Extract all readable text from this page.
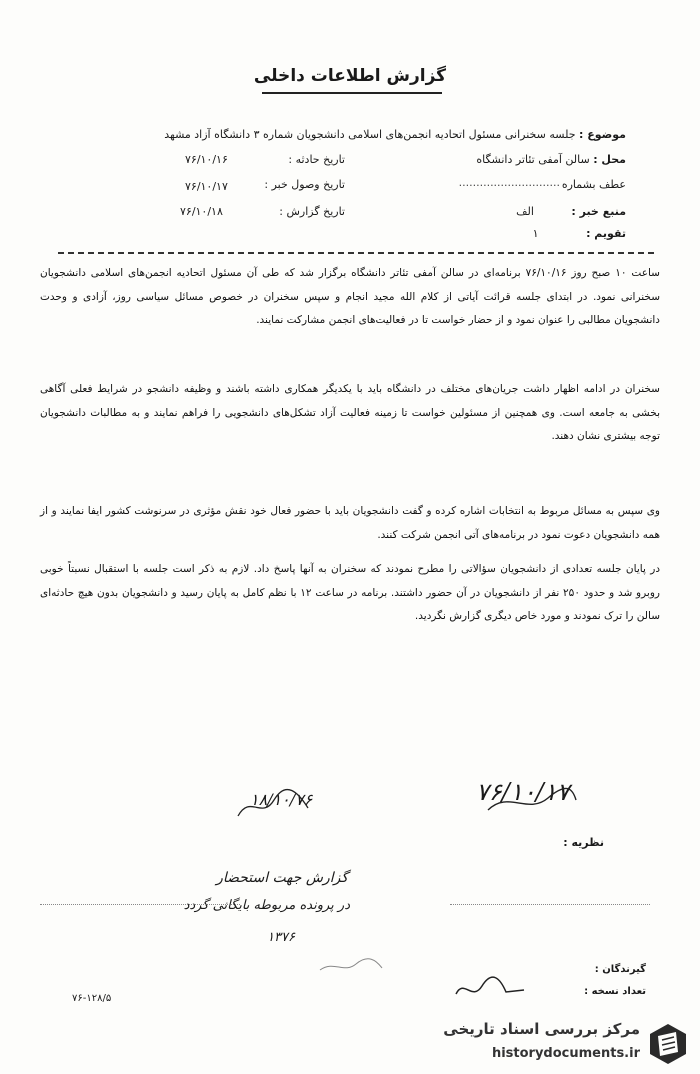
گزارش اطلاعات داخلی
موضوع : جلسه سخنرانی مسئول اتحادیه انجمن‌های اسلامی دانشجویان شماره ۳ دانشگاه آزاد مشهد
محل : سالن آمفی تئاتر دانشگاه
تاریخ حادثه :
۷۶/۱۰/۱۶
عطف بشماره
.............................
تاریخ وصول خبر :
۷۶/۱۰/۱۷
منبع خبر : الف
تاریخ گزارش :
۷۶/۱۰/۱۸
تقویم : ۱
ساعت ۱۰ صبح روز ۷۶/۱۰/۱۶ برنامه‌ای در سالن آمفی تئاتر دانشگاه برگزار شد که طی آن مسئول اتحادیه انجمن‌های اسلامی دانشجویان سخنرانی نمود. در ابتدای جلسه قرائت آیاتی از کلام الله مجید انجام و سپس سخنران در خصوص مسائل سیاسی روز، آزادی و وحدت دانشجویان مطالبی را عنوان نمود و از حضار خواست تا در فعالیت‌های انجمن مشارکت نمایند.
سخنران در ادامه اظهار داشت جریان‌های مختلف در دانشگاه باید با یکدیگر همکاری داشته باشند و وظیفه دانشجو در شرایط فعلی آگاهی بخشی به جامعه است. وی همچنین از مسئولین خواست تا زمینه فعالیت آزاد تشکل‌های دانشجویی را فراهم نمایند و به مطالبات دانشجویان توجه بیشتری نشان دهند.
وی سپس به مسائل مربوط به انتخابات اشاره کرده و گفت دانشجویان باید با حضور فعال خود نقش مؤثری در سرنوشت کشور ایفا نمایند و از همه دانشجویان دعوت نمود در برنامه‌های آتی انجمن شرکت کنند.
در پایان جلسه تعدادی از دانشجویان سؤالاتی را مطرح نمودند که سخنران به آنها پاسخ داد. لازم به ذکر است جلسه با استقبال نسبتاً خوبی روبرو شد و حدود ۲۵۰ نفر از دانشجویان در آن حضور داشتند. برنامه در ساعت ۱۲ با نظم کامل به پایان رسید و دانشجویان بدون هیچ حادثه‌ای سالن را ترک نمودند و مورد خاص دیگری گزارش نگردید.
۷۶/۱۰/۱۷
۱۸/۱۰/۷۶
نظریه :
گزارش جهت استحضار
در پرونده مربوطه بایگانی گردد
۱۳۷۶
گیرندگان :
تعداد نسخه :
۷۶-۱۲۸/۵
مرکز بررسی اسناد تاریخی
historydocuments.ir
